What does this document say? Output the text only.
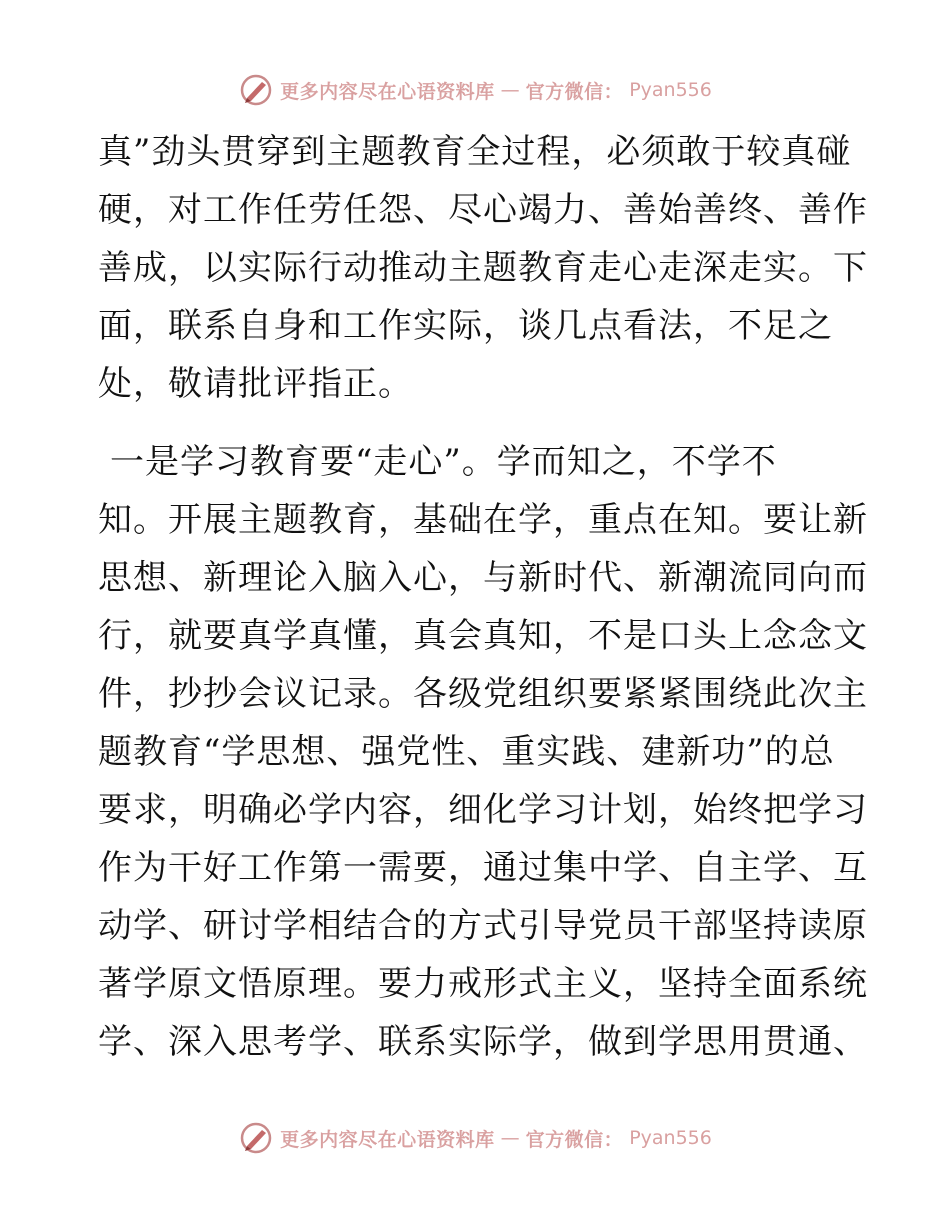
更多内容尽在心语资料库 — 官方微信： Pyan556
真”劲头贯穿到主题教育全过程，必须敢于较真碰
硬，对工作任劳任怨、尽心竭力、善始善终、善作
善成，以实际行动推动主题教育走心走深走实。下
面，联系自身和工作实际，谈几点看法，不足之
处，敬请批评指正。
一是学习教育要“走心”。学而知之，不学不
知。开展主题教育，基础在学，重点在知。要让新
思想、新理论入脑入心，与新时代、新潮流同向而
行，就要真学真懂，真会真知，不是口头上念念文
件，抄抄会议记录。各级党组织要紧紧围绕此次主
题教育“学思想、强党性、重实践、建新功”的总
要求，明确必学内容，细化学习计划，始终把学习
作为干好工作第一需要，通过集中学、自主学、互
动学、研讨学相结合的方式引导党员干部坚持读原
著学原文悟原理。要力戒形式主义，坚持全面系统
学、深入思考学、联系实际学，做到学思用贯通、
更多内容尽在心语资料库 — 官方微信： Pyan556
